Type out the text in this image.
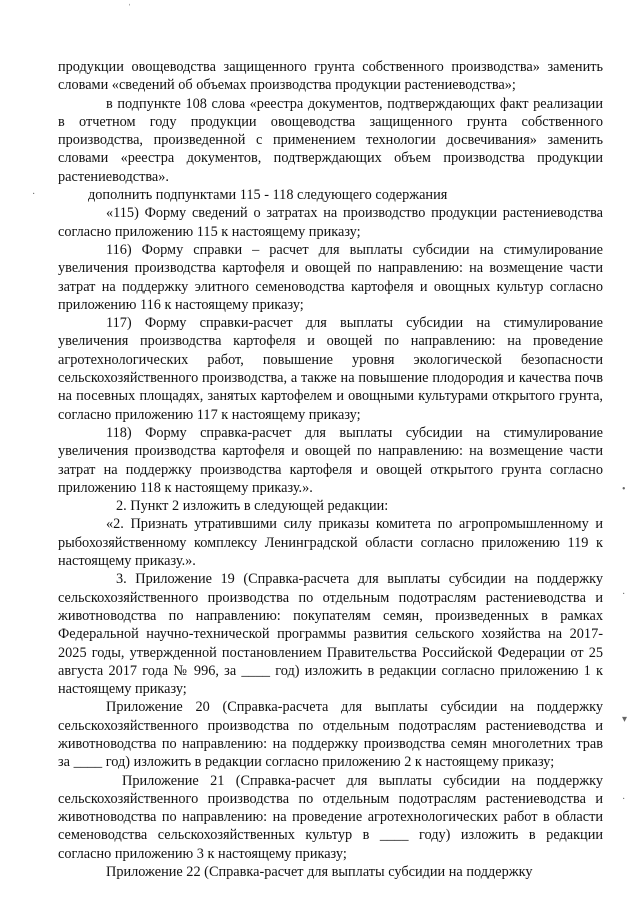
ˈ
·
•
·
▾
·

продукции овощеводства защищенного грунта собственного производства» заменить словами «сведений об объемах производства продукции растениеводства»;

в подпункте 108 слова «реестра документов, подтверждающих факт реализации в отчетном году продукции овощеводства защищенного грунта собственного производства, произведенной с применением технологии досвечивания» заменить словами «реестра документов, подтверждающих объем производства продукции растениеводства».

дополнить подпунктами 115 - 118 следующего содержания

«115) Форму сведений о затратах на производство продукции растениеводства согласно приложению 115 к настоящему приказу;

116) Форму справки – расчет для выплаты субсидии на стимулирование увеличения производства картофеля и овощей по направлению: на возмещение части затрат на поддержку элитного семеноводства картофеля и овощных культур согласно приложению 116 к настоящему приказу;

117) Форму справки-расчет для выплаты субсидии на стимулирование увеличения производства картофеля и овощей по направлению: на проведение агротехнологических работ, повышение уровня экологической безопасности сельскохозяйственного производства, а также на повышение плодородия и качества почв на посевных площадях, занятых картофелем и овощными культурами открытого грунта, согласно приложению 117 к настоящему приказу;

118) Форму справка-расчет для выплаты субсидии на стимулирование увеличения производства картофеля и овощей по направлению: на возмещение части затрат на поддержку производства картофеля и овощей открытого грунта согласно приложению 118 к настоящему приказу.».

2. Пункт 2 изложить в следующей редакции:

«2. Признать утратившими силу приказы комитета по агропромышленному и рыбохозяйственному комплексу Ленинградской области согласно приложению 119 к настоящему приказу.».

3. Приложение 19 (Справка-расчета для выплаты субсидии на поддержку сельскохозяйственного производства по отдельным подотраслям растениеводства и животноводства по направлению: покупателям семян, произведенных в рамках Федеральной научно-технической программы развития сельского хозяйства на 2017-2025 годы, утвержденной постановлением Правительства Российской Федерации от 25 августа 2017 года № 996, за ____ год) изложить в редакции согласно приложению 1 к настоящему приказу;

Приложение 20 (Справка-расчета для выплаты субсидии на поддержку сельскохозяйственного производства по отдельным подотраслям растениеводства и животноводства по направлению: на поддержку производства семян многолетних трав за ____ год) изложить в редакции согласно приложению 2 к настоящему приказу;

Приложение 21 (Справка-расчет для выплаты субсидии на поддержку сельскохозяйственного производства по отдельным подотраслям растениеводства и животноводства по направлению: на проведение агротехнологических работ в области семеноводства сельскохозяйственных культур в ____ году) изложить в редакции согласно приложению 3 к настоящему приказу;

Приложение 22 (Справка-расчет для выплаты субсидии на поддержку
